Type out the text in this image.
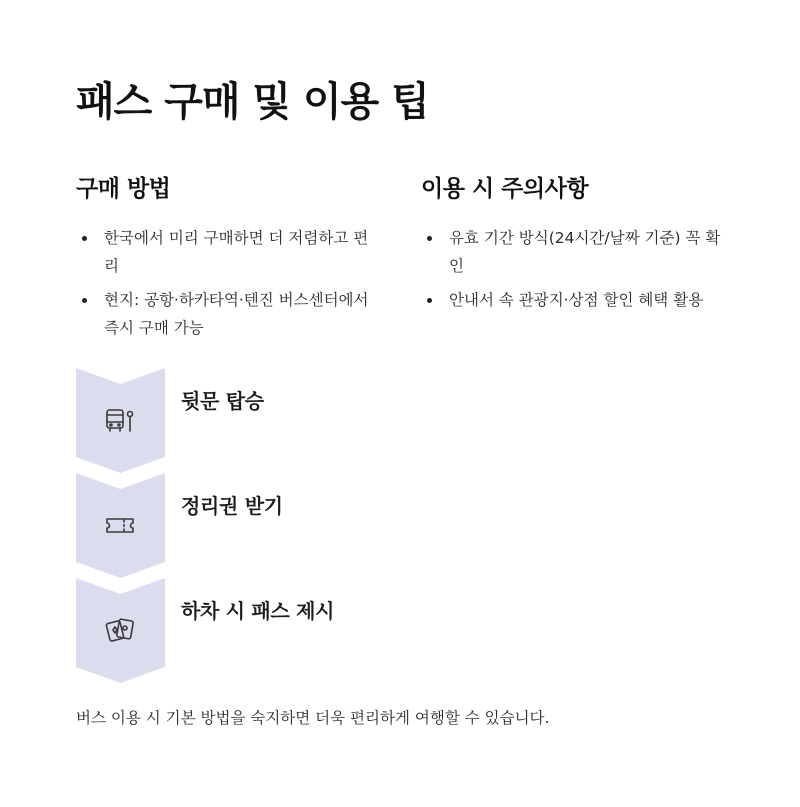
패스 구매 및 이용 팁
구매 방법
한국에서 미리 구매하면 더 저렴하고 편리
현지: 공항·하카타역·텐진 버스센터에서 즉시 구매 가능
이용 시 주의사항
유효 기간 방식(24시간/날짜 기준) 꼭 확인
안내서 속 관광지·상점 할인 혜택 활용
뒷문 탑승
정리권 받기
하차 시 패스 제시

버스 이용 시 기본 방법을 숙지하면 더욱 편리하게 여행할 수 있습니다.
